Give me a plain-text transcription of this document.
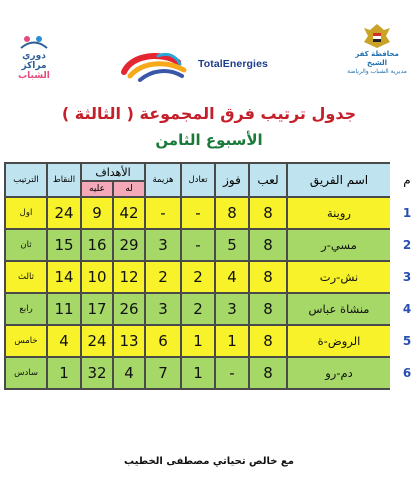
دوري
مراكز
الشباب
TotalEnergies
محافظة كفر الشيخ
مديرية الشباب والرياضة
جدول ترتيب فرق المجموعة ( الثالثة )
الأسبوع الثامن
م	اسم الفريق	لعب	فوز	تعادل	هزيمة	الأهداف		النقاط	الترتيب
						له	عليه		
1	روينة	8	8	-	-	42	9	24	اول
2	مسي-ر	8	5	-	3	29	16	15	ثان
3	نش-رت	8	4	2	2	12	10	14	ثالث
4	منشاة عباس	8	3	2	3	26	17	11	رابع
5	الروض-ة	8	1	1	6	13	24	4	خامس
6	دم-رو	8	-	1	7	4	32	1	سادس
مع خالص تحياتي مصطفى الخطيب
